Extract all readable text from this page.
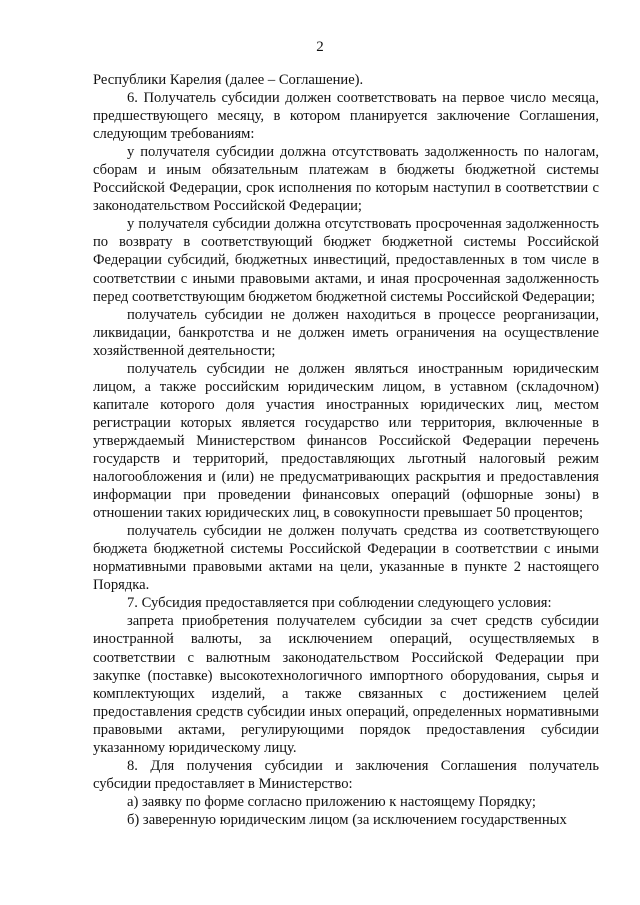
2

Республики Карелия (далее – Соглашение).

6. Получатель субсидии должен соответствовать на первое число месяца, предшествующего месяцу, в котором планируется заключение Соглашения, следующим требованиям:

у получателя субсидии должна отсутствовать задолженность по налогам, сборам и иным обязательным платежам в бюджеты бюджетной системы Российской Федерации, срок исполнения по которым наступил в соответствии с законодательством Российской Федерации;

у получателя субсидии должна отсутствовать просроченная задолженность по возврату в соответствующий бюджет бюджетной системы Российской Федерации субсидий, бюджетных инвестиций, предоставленных в том числе в соответствии с иными правовыми актами, и иная просроченная задолженность перед соответствующим бюджетом бюджетной системы Российской Федерации;

получатель субсидии не должен находиться в процессе реорганизации, ликвидации, банкротства и не должен иметь ограничения на осуществление хозяйственной деятельности;

получатель субсидии не должен являться иностранным юридическим лицом, а также российским юридическим лицом, в уставном (складочном) капитале которого доля участия иностранных юридических лиц, местом регистрации которых является государство или территория, включенные в утверждаемый Министерством финансов Российской Федерации перечень государств и территорий, предоставляющих льготный налоговый режим налогообложения и (или) не предусматривающих раскрытия и предоставления информации при проведении финансовых операций (офшорные зоны) в отношении таких юридических лиц, в совокупности превышает 50 процентов;

получатель субсидии не должен получать средства из соответствующего бюджета бюджетной системы Российской Федерации в соответствии с иными нормативными правовыми актами на цели, указанные в пункте 2 настоящего Порядка.

7. Субсидия предоставляется при соблюдении следующего условия:

запрета приобретения получателем субсидии за счет средств субсидии иностранной валюты, за исключением операций, осуществляемых в соответствии с валютным законодательством Российской Федерации при закупке (поставке) высокотехнологичного импортного оборудования, сырья и комплектующих изделий, а также связанных с достижением целей предоставления средств субсидии иных операций, определенных нормативными правовыми актами, регулирующими порядок предоставления субсидии указанному юридическому лицу.

8. Для получения субсидии и заключения Соглашения получатель субсидии предоставляет в Министерство:

а) заявку по форме согласно приложению к настоящему Порядку;

б) заверенную юридическим лицом (за исключением государственных
